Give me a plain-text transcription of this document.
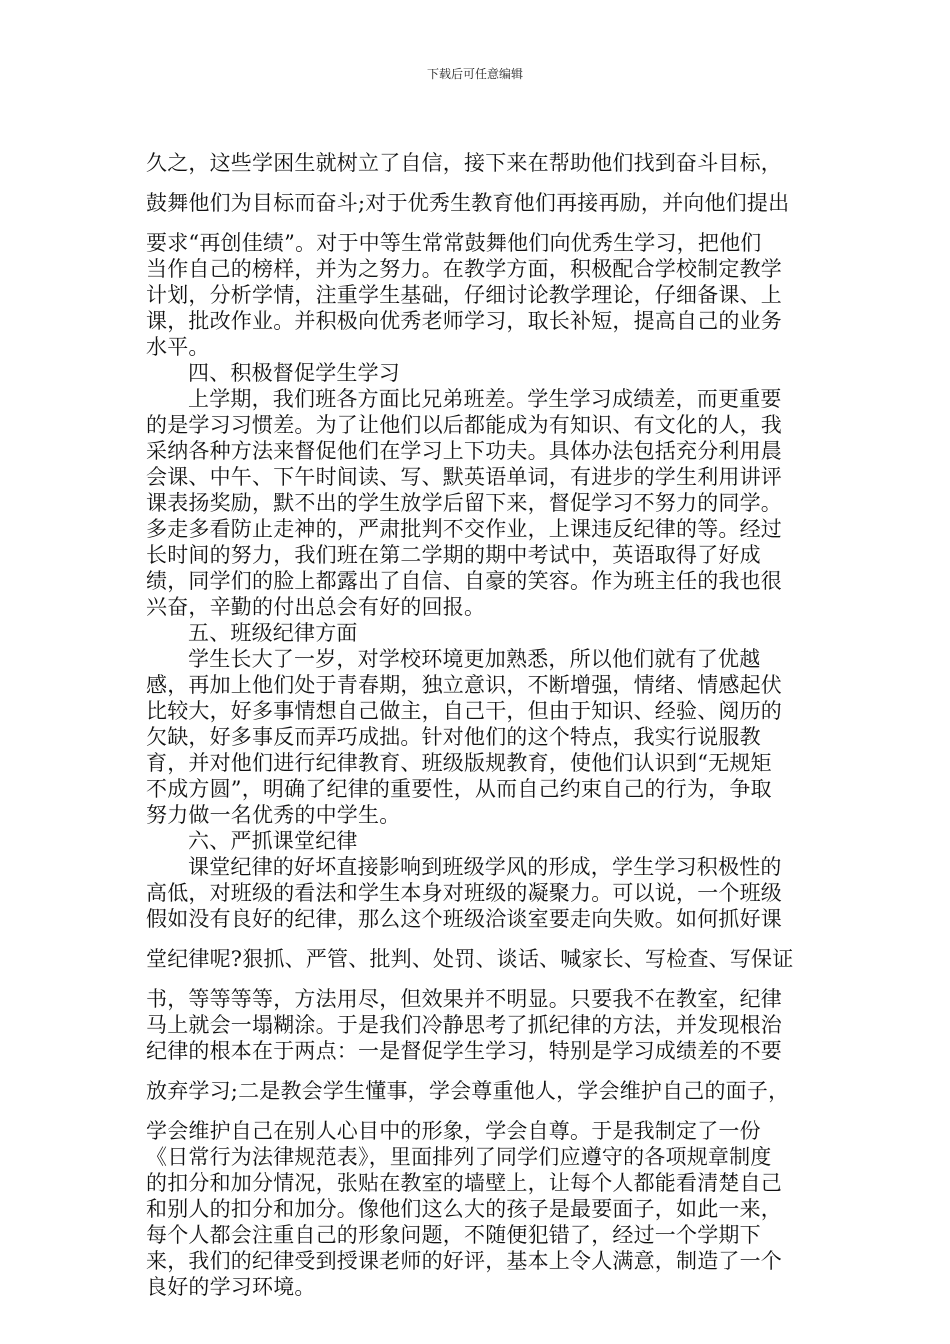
下载后可任意编辑
久之，这些学困生就树立了自信，接下来在帮助他们找到奋斗目标，
鼓舞他们为目标而奋斗;对于优秀生教育他们再接再励，并向他们提出
要求“再创佳绩”。对于中等生常常鼓舞他们向优秀生学习，把他们
当作自己的榜样，并为之努力。在教学方面，积极配合学校制定教学
计划，分析学情，注重学生基础，仔细讨论教学理论，仔细备课、上
课，批改作业。并积极向优秀老师学习，取长补短，提高自己的业务
水平。
四、积极督促学生学习
上学期，我们班各方面比兄弟班差。学生学习成绩差，而更重要
的是学习习惯差。为了让他们以后都能成为有知识、有文化的人，我
采纳各种方法来督促他们在学习上下功夫。具体办法包括充分利用晨
会课、中午、下午时间读、写、默英语单词，有进步的学生利用讲评
课表扬奖励，默不出的学生放学后留下来，督促学习不努力的同学。
多走多看防止走神的，严肃批判不交作业，上课违反纪律的等。经过
长时间的努力，我们班在第二学期的期中考试中，英语取得了好成
绩，同学们的脸上都露出了自信、自豪的笑容。作为班主任的我也很
兴奋，辛勤的付出总会有好的回报。
五、班级纪律方面
学生长大了一岁，对学校环境更加熟悉，所以他们就有了优越
感，再加上他们处于青春期，独立意识，不断增强，情绪、情感起伏
比较大，好多事情想自己做主，自己干，但由于知识、经验、阅历的
欠缺，好多事反而弄巧成拙。针对他们的这个特点，我实行说服教
育，并对他们进行纪律教育、班级版规教育，使他们认识到“无规矩
不成方圆”，明确了纪律的重要性，从而自己约束自己的行为，争取
努力做一名优秀的中学生。
六、严抓课堂纪律
课堂纪律的好坏直接影响到班级学风的形成，学生学习积极性的
高低，对班级的看法和学生本身对班级的凝聚力。可以说，一个班级
假如没有良好的纪律，那么这个班级洽谈室要走向失败。如何抓好课
堂纪律呢?狠抓、严管、批判、处罚、谈话、喊家长、写检查、写保证
书，等等等等，方法用尽，但效果并不明显。只要我不在教室，纪律
马上就会一塌糊涂。于是我们冷静思考了抓纪律的方法，并发现根治
纪律的根本在于两点：一是督促学生学习，特别是学习成绩差的不要
放弃学习;二是教会学生懂事，学会尊重他人，学会维护自己的面子，
学会维护自己在别人心目中的形象，学会自尊。于是我制定了一份
《日常行为法律规范表》，里面排列了同学们应遵守的各项规章制度
的扣分和加分情况，张贴在教室的墙壁上，让每个人都能看清楚自己
和别人的扣分和加分。像他们这么大的孩子是最要面子，如此一来，
每个人都会注重自己的形象问题，不随便犯错了，经过一个学期下
来，我们的纪律受到授课老师的好评，基本上令人满意，制造了一个
良好的学习环境。
